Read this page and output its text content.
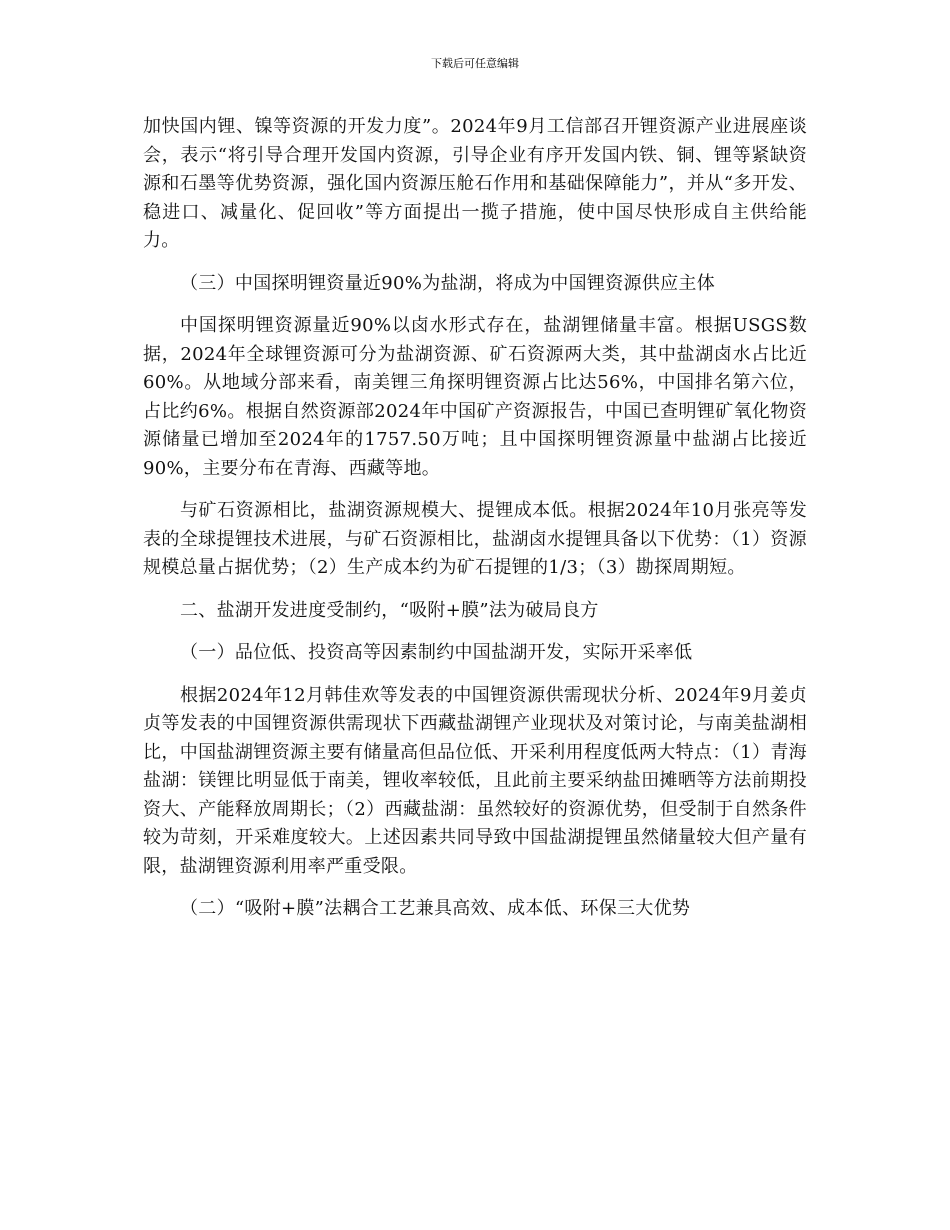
下载后可任意编辑

加快国内锂、镍等资源的开发力度”。2024年9月工信部召开锂资源产业进展座谈会，表示“将引导合理开发国内资源，引导企业有序开发国内铁、铜、锂等紧缺资源和石墨等优势资源，强化国内资源压舱石作用和基础保障能力”，并从“多开发、稳进口、减量化、促回收”等方面提出一揽子措施，使中国尽快形成自主供给能力。

（三）中国探明锂资量近90%为盐湖，将成为中国锂资源供应主体

中国探明锂资源量近90%以卤水形式存在，盐湖锂储量丰富。根据USGS数据，2024年全球锂资源可分为盐湖资源、矿石资源两大类，其中盐湖卤水占比近60%。从地域分部来看，南美锂三角探明锂资源占比达56%，中国排名第六位，占比约6%。根据自然资源部2024年中国矿产资源报告，中国已查明锂矿氧化物资源储量已增加至2024年的1757.50万吨；且中国探明锂资源量中盐湖占比接近90%，主要分布在青海、西藏等地。

与矿石资源相比，盐湖资源规模大、提锂成本低。根据2024年10月张亮等发表的全球提锂技术进展，与矿石资源相比，盐湖卤水提锂具备以下优势：（1）资源规模总量占据优势；（2）生产成本约为矿石提锂的1/3；（3）勘探周期短。

二、盐湖开发进度受制约，“吸附+膜”法为破局良方

（一）品位低、投资高等因素制约中国盐湖开发，实际开采率低

根据2024年12月韩佳欢等发表的中国锂资源供需现状分析、2024年9月姜贞贞等发表的中国锂资源供需现状下西藏盐湖锂产业现状及对策讨论，与南美盐湖相比，中国盐湖锂资源主要有储量高但品位低、开采利用程度低两大特点：（1）青海盐湖：镁锂比明显低于南美，锂收率较低，且此前主要采纳盐田摊晒等方法前期投资大、产能释放周期长；（2）西藏盐湖：虽然较好的资源优势，但受制于自然条件较为苛刻，开采难度较大。上述因素共同导致中国盐湖提锂虽然储量较大但产量有限，盐湖锂资源利用率严重受限。

（二）“吸附+膜”法耦合工艺兼具高效、成本低、环保三大优势
